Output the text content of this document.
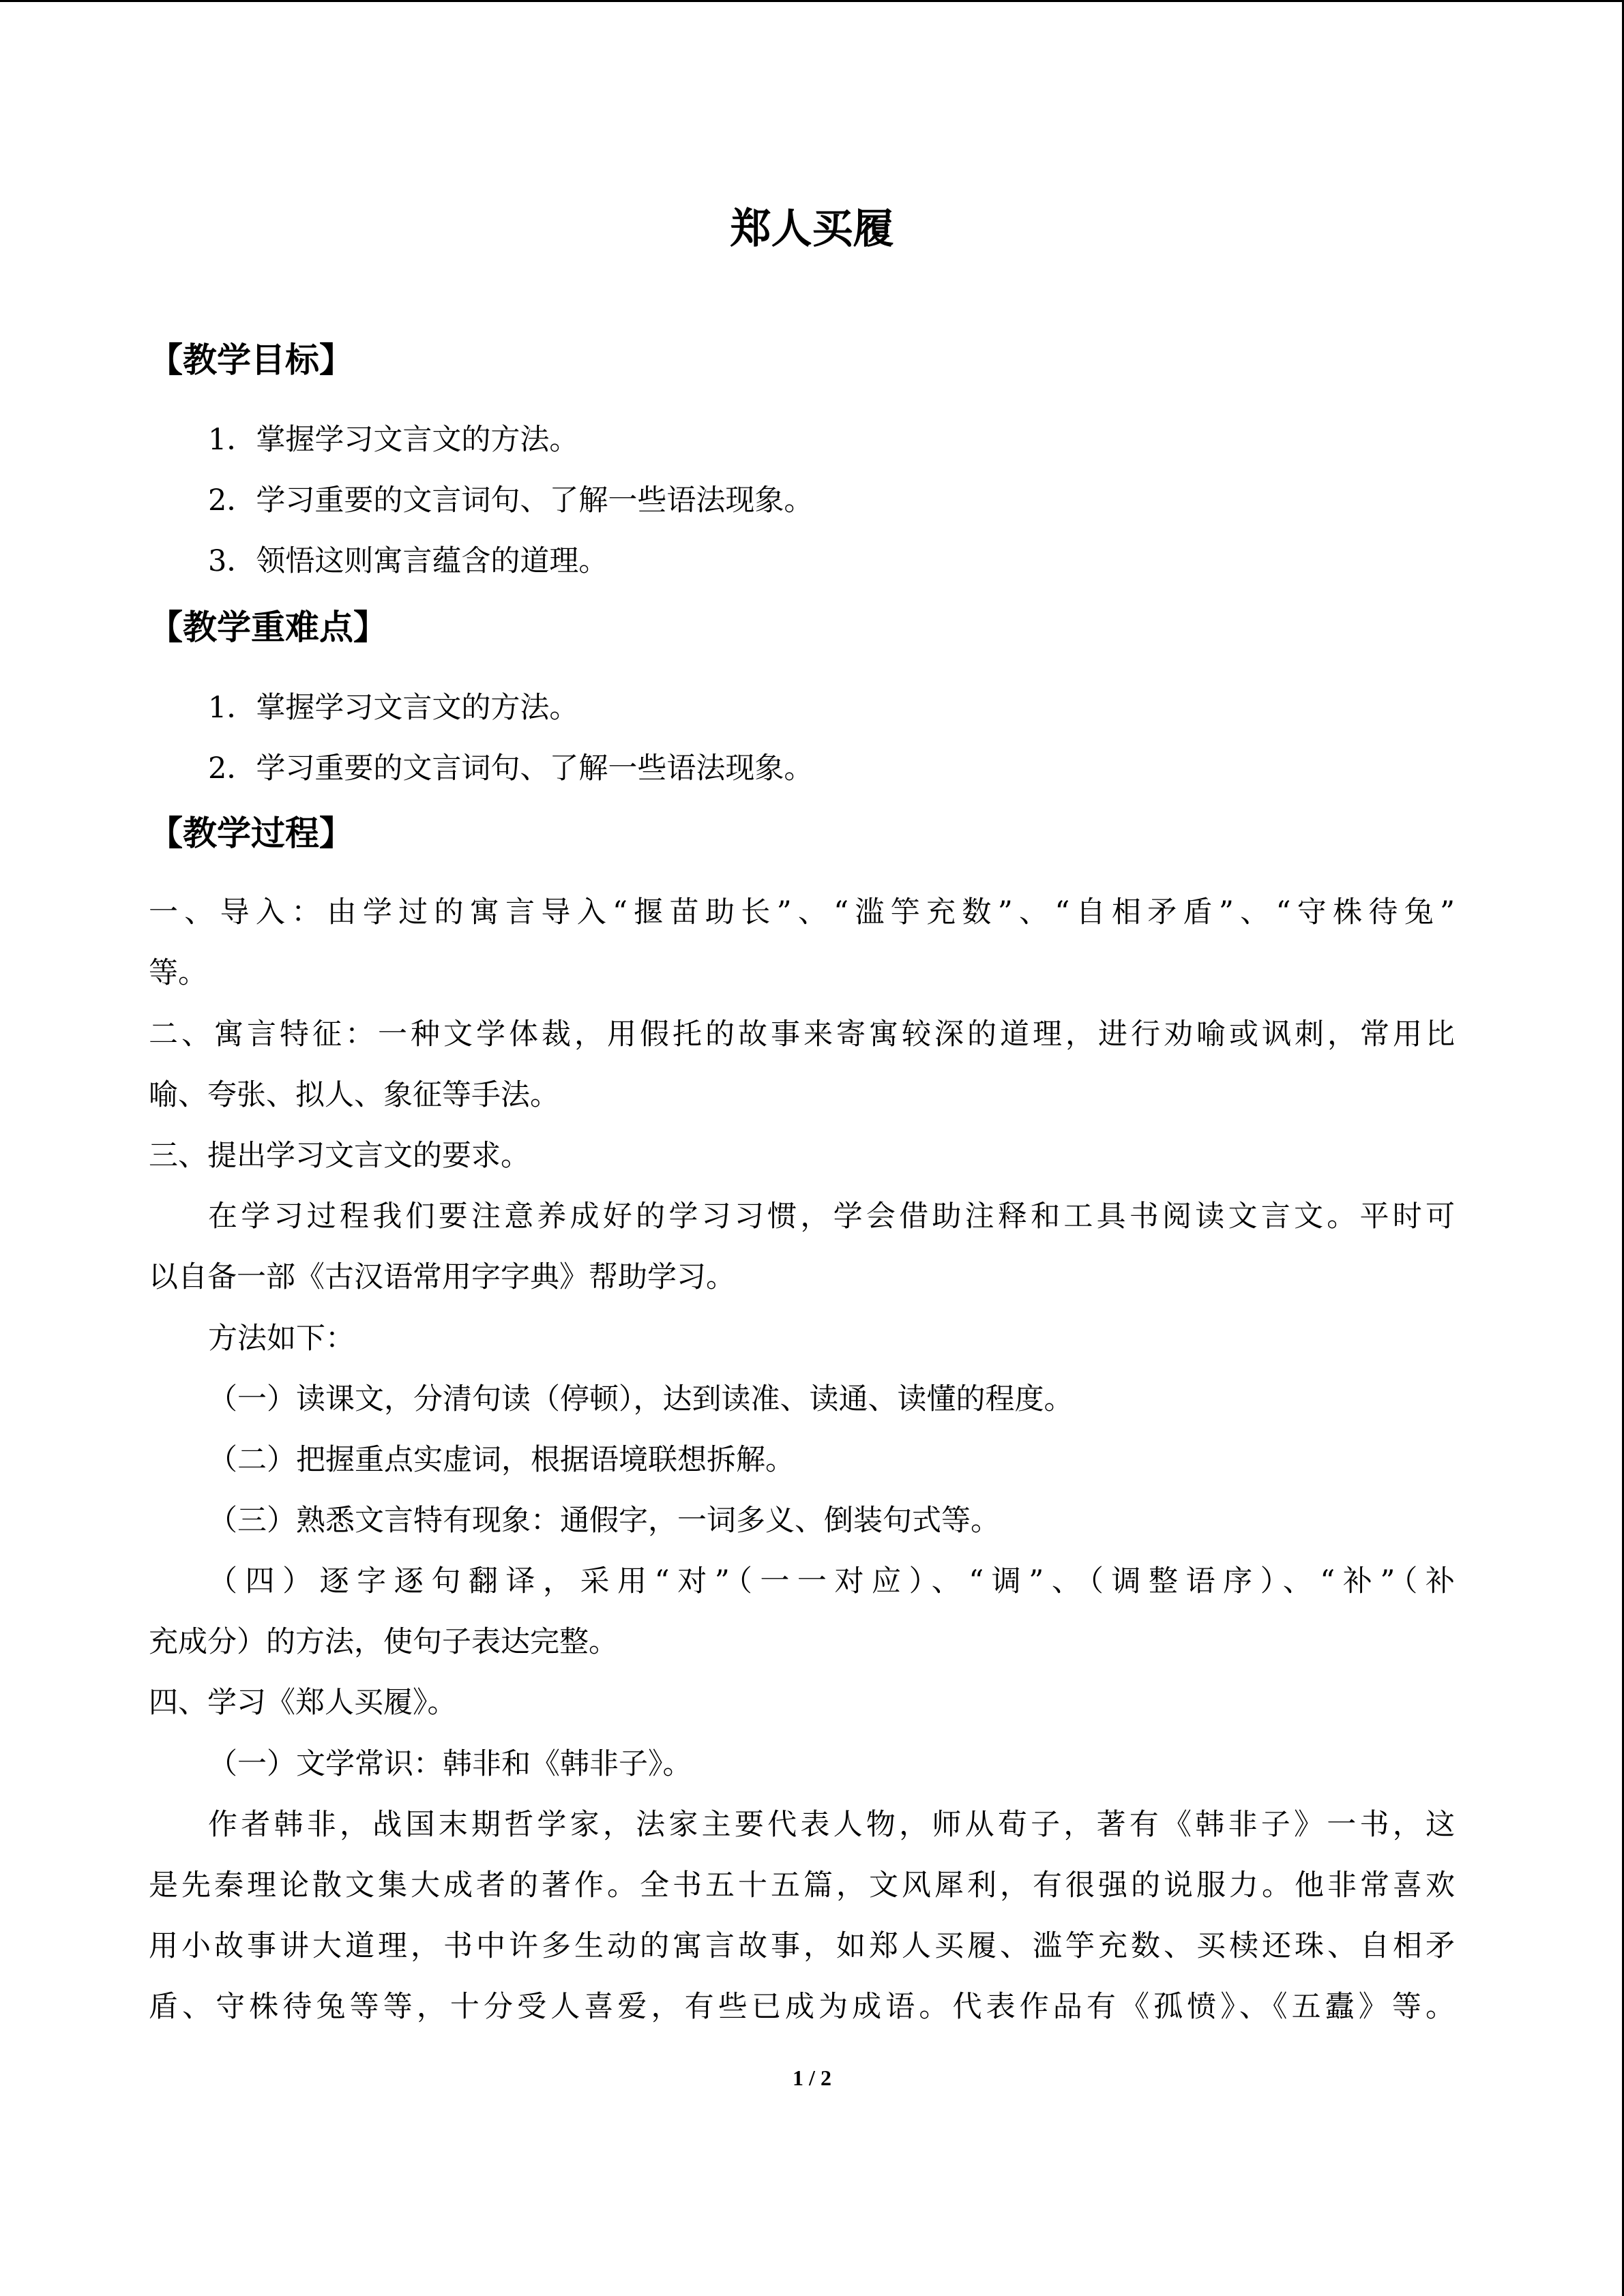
郑人买履
【教学目标】

1．掌握学习文言文的方法。

2．学习重要的文言词句、了解一些语法现象。

3．领悟这则寓言蕴含的道理。

【教学重难点】

1．掌握学习文言文的方法。

2．学习重要的文言词句、了解一些语法现象。

【教学过程】

一、导入：由学过的寓言导入“揠苗助长”、“滥竽充数”、“自相矛盾”、“守株待兔”

等。

二、寓言特征：一种文学体裁，用假托的故事来寄寓较深的道理，进行劝喻或讽刺，常用比

喻、夸张、拟人、象征等手法。

三、提出学习文言文的要求。

在学习过程我们要注意养成好的学习习惯，学会借助注释和工具书阅读文言文。平时可

以自备一部《古汉语常用字字典》帮助学习。

方法如下：

（一）读课文，分清句读（停顿），达到读准、读通、读懂的程度。

（二）把握重点实虚词，根据语境联想拆解。

（三）熟悉文言特有现象：通假字，一词多义、倒装句式等。

（四）逐字逐句翻译，采用“对”（一一对应）、“调”、（调整语序）、“补”（补

充成分）的方法，使句子表达完整。

四、学习《郑人买履》。

（一）文学常识：韩非和《韩非子》。

作者韩非，战国末期哲学家，法家主要代表人物，师从荀子，著有《韩非子》一书，这

是先秦理论散文集大成者的著作。全书五十五篇，文风犀利，有很强的说服力。他非常喜欢

用小故事讲大道理，书中许多生动的寓言故事，如郑人买履、滥竽充数、买椟还珠、自相矛

盾、守株待兔等等，十分受人喜爱，有些已成为成语。代表作品有《孤愤》、《五蠹》等。

1 / 2
